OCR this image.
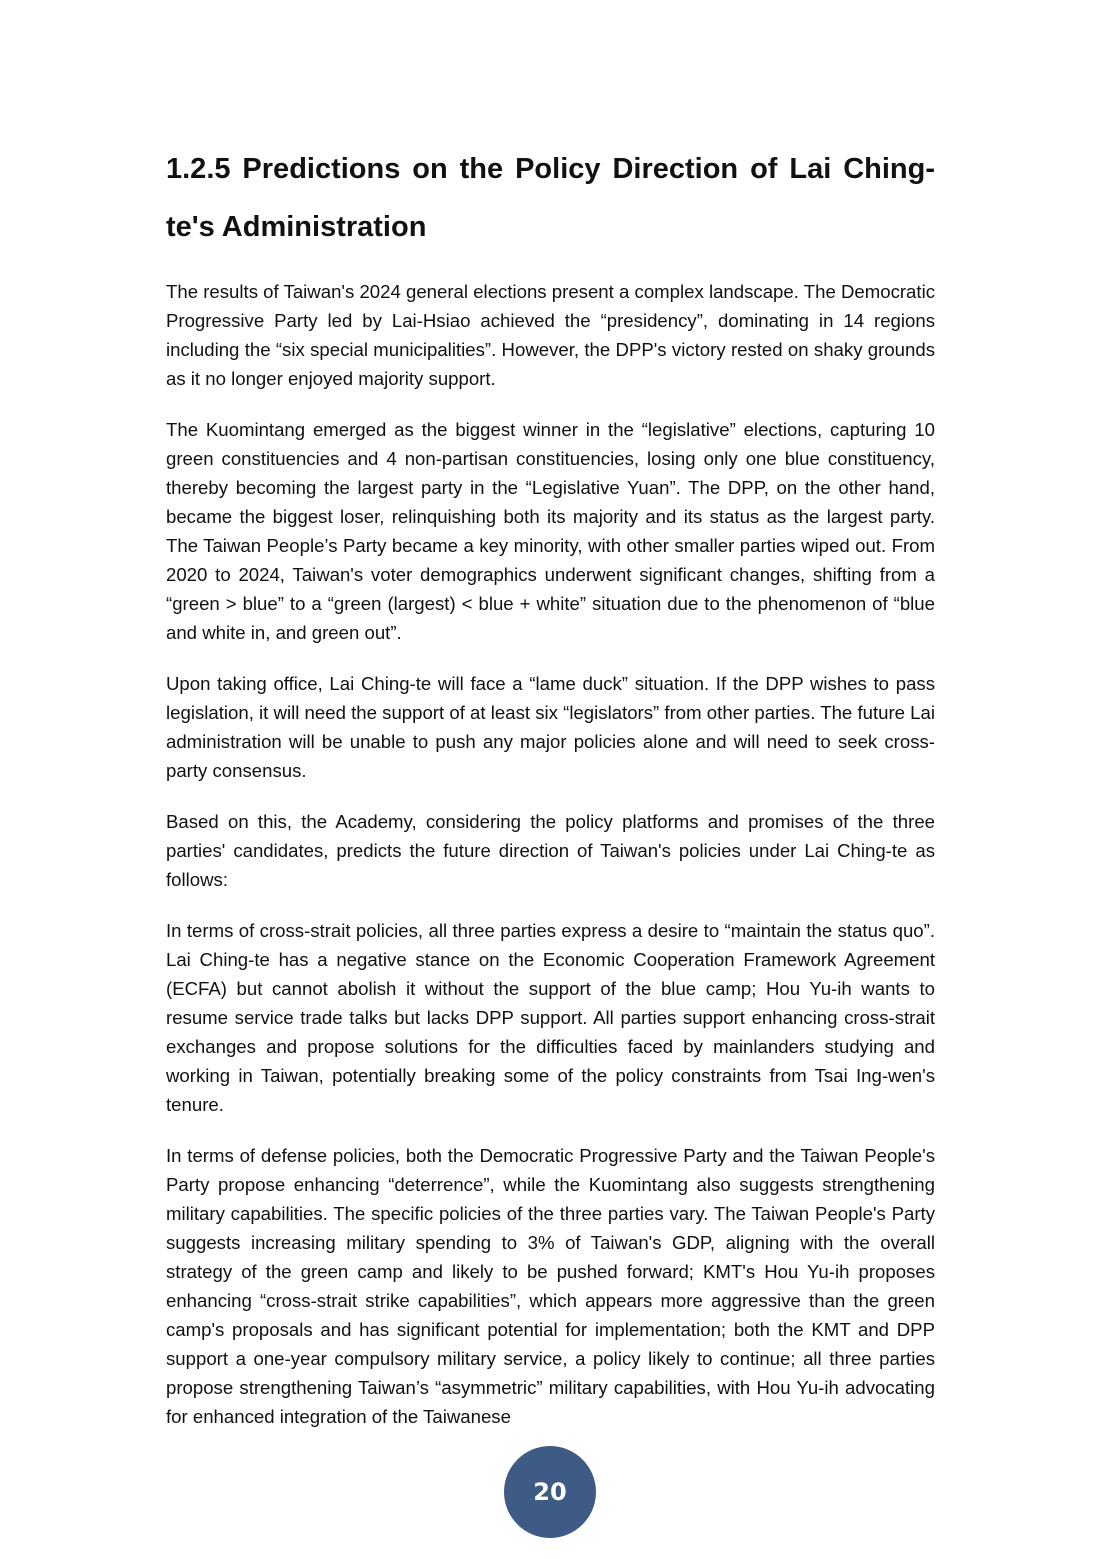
1.2.5 Predictions on the Policy Direction of Lai Ching-te's Administration

The results of Taiwan's 2024 general elections present a complex landscape. The Democratic Progressive Party led by Lai-Hsiao achieved the “presidency”, dominating in 14 regions including the “six special municipalities”. However, the DPP's victory rested on shaky grounds as it no longer enjoyed majority support.

The Kuomintang emerged as the biggest winner in the “legislative” elections, capturing 10 green constituencies and 4 non-partisan constituencies, losing only one blue constituency, thereby becoming the largest party in the “Legislative Yuan”. The DPP, on the other hand, became the biggest loser, relinquishing both its majority and its status as the largest party. The Taiwan People’s Party became a key minority, with other smaller parties wiped out. From 2020 to 2024, Taiwan's voter demographics underwent significant changes, shifting from a “green > blue” to a “green (largest) < blue + white” situation due to the phenomenon of “blue and white in, and green out”.

Upon taking office, Lai Ching-te will face a “lame duck” situation. If the DPP wishes to pass legislation, it will need the support of at least six “legislators” from other parties. The future Lai administration will be unable to push any major policies alone and will need to seek cross-party consensus.

Based on this, the Academy, considering the policy platforms and promises of the three parties' candidates, predicts the future direction of Taiwan's policies under Lai Ching-te as follows:

In terms of cross-strait policies, all three parties express a desire to “maintain the status quo”. Lai Ching-te has a negative stance on the Economic Cooperation Framework Agreement (ECFA) but cannot abolish it without the support of the blue camp; Hou Yu-ih wants to resume service trade talks but lacks DPP support. All parties support enhancing cross-strait exchanges and propose solutions for the difficulties faced by mainlanders studying and working in Taiwan, potentially breaking some of the policy constraints from Tsai Ing-wen's tenure.

In terms of defense policies, both the Democratic Progressive Party and the Taiwan People's Party propose enhancing “deterrence”, while the Kuomintang also suggests strengthening military capabilities. The specific policies of the three parties vary. The Taiwan People's Party suggests increasing military spending to 3% of Taiwan's GDP, aligning with the overall strategy of the green camp and likely to be pushed forward; KMT's Hou Yu-ih proposes enhancing “cross-strait strike capabilities”, which appears more aggressive than the green camp's proposals and has significant potential for implementation; both the KMT and DPP support a one-year compulsory military service, a policy likely to continue; all three parties propose strengthening Taiwan’s “asymmetric” military capabilities, with Hou Yu-ih advocating for enhanced integration of the Taiwanese

20
